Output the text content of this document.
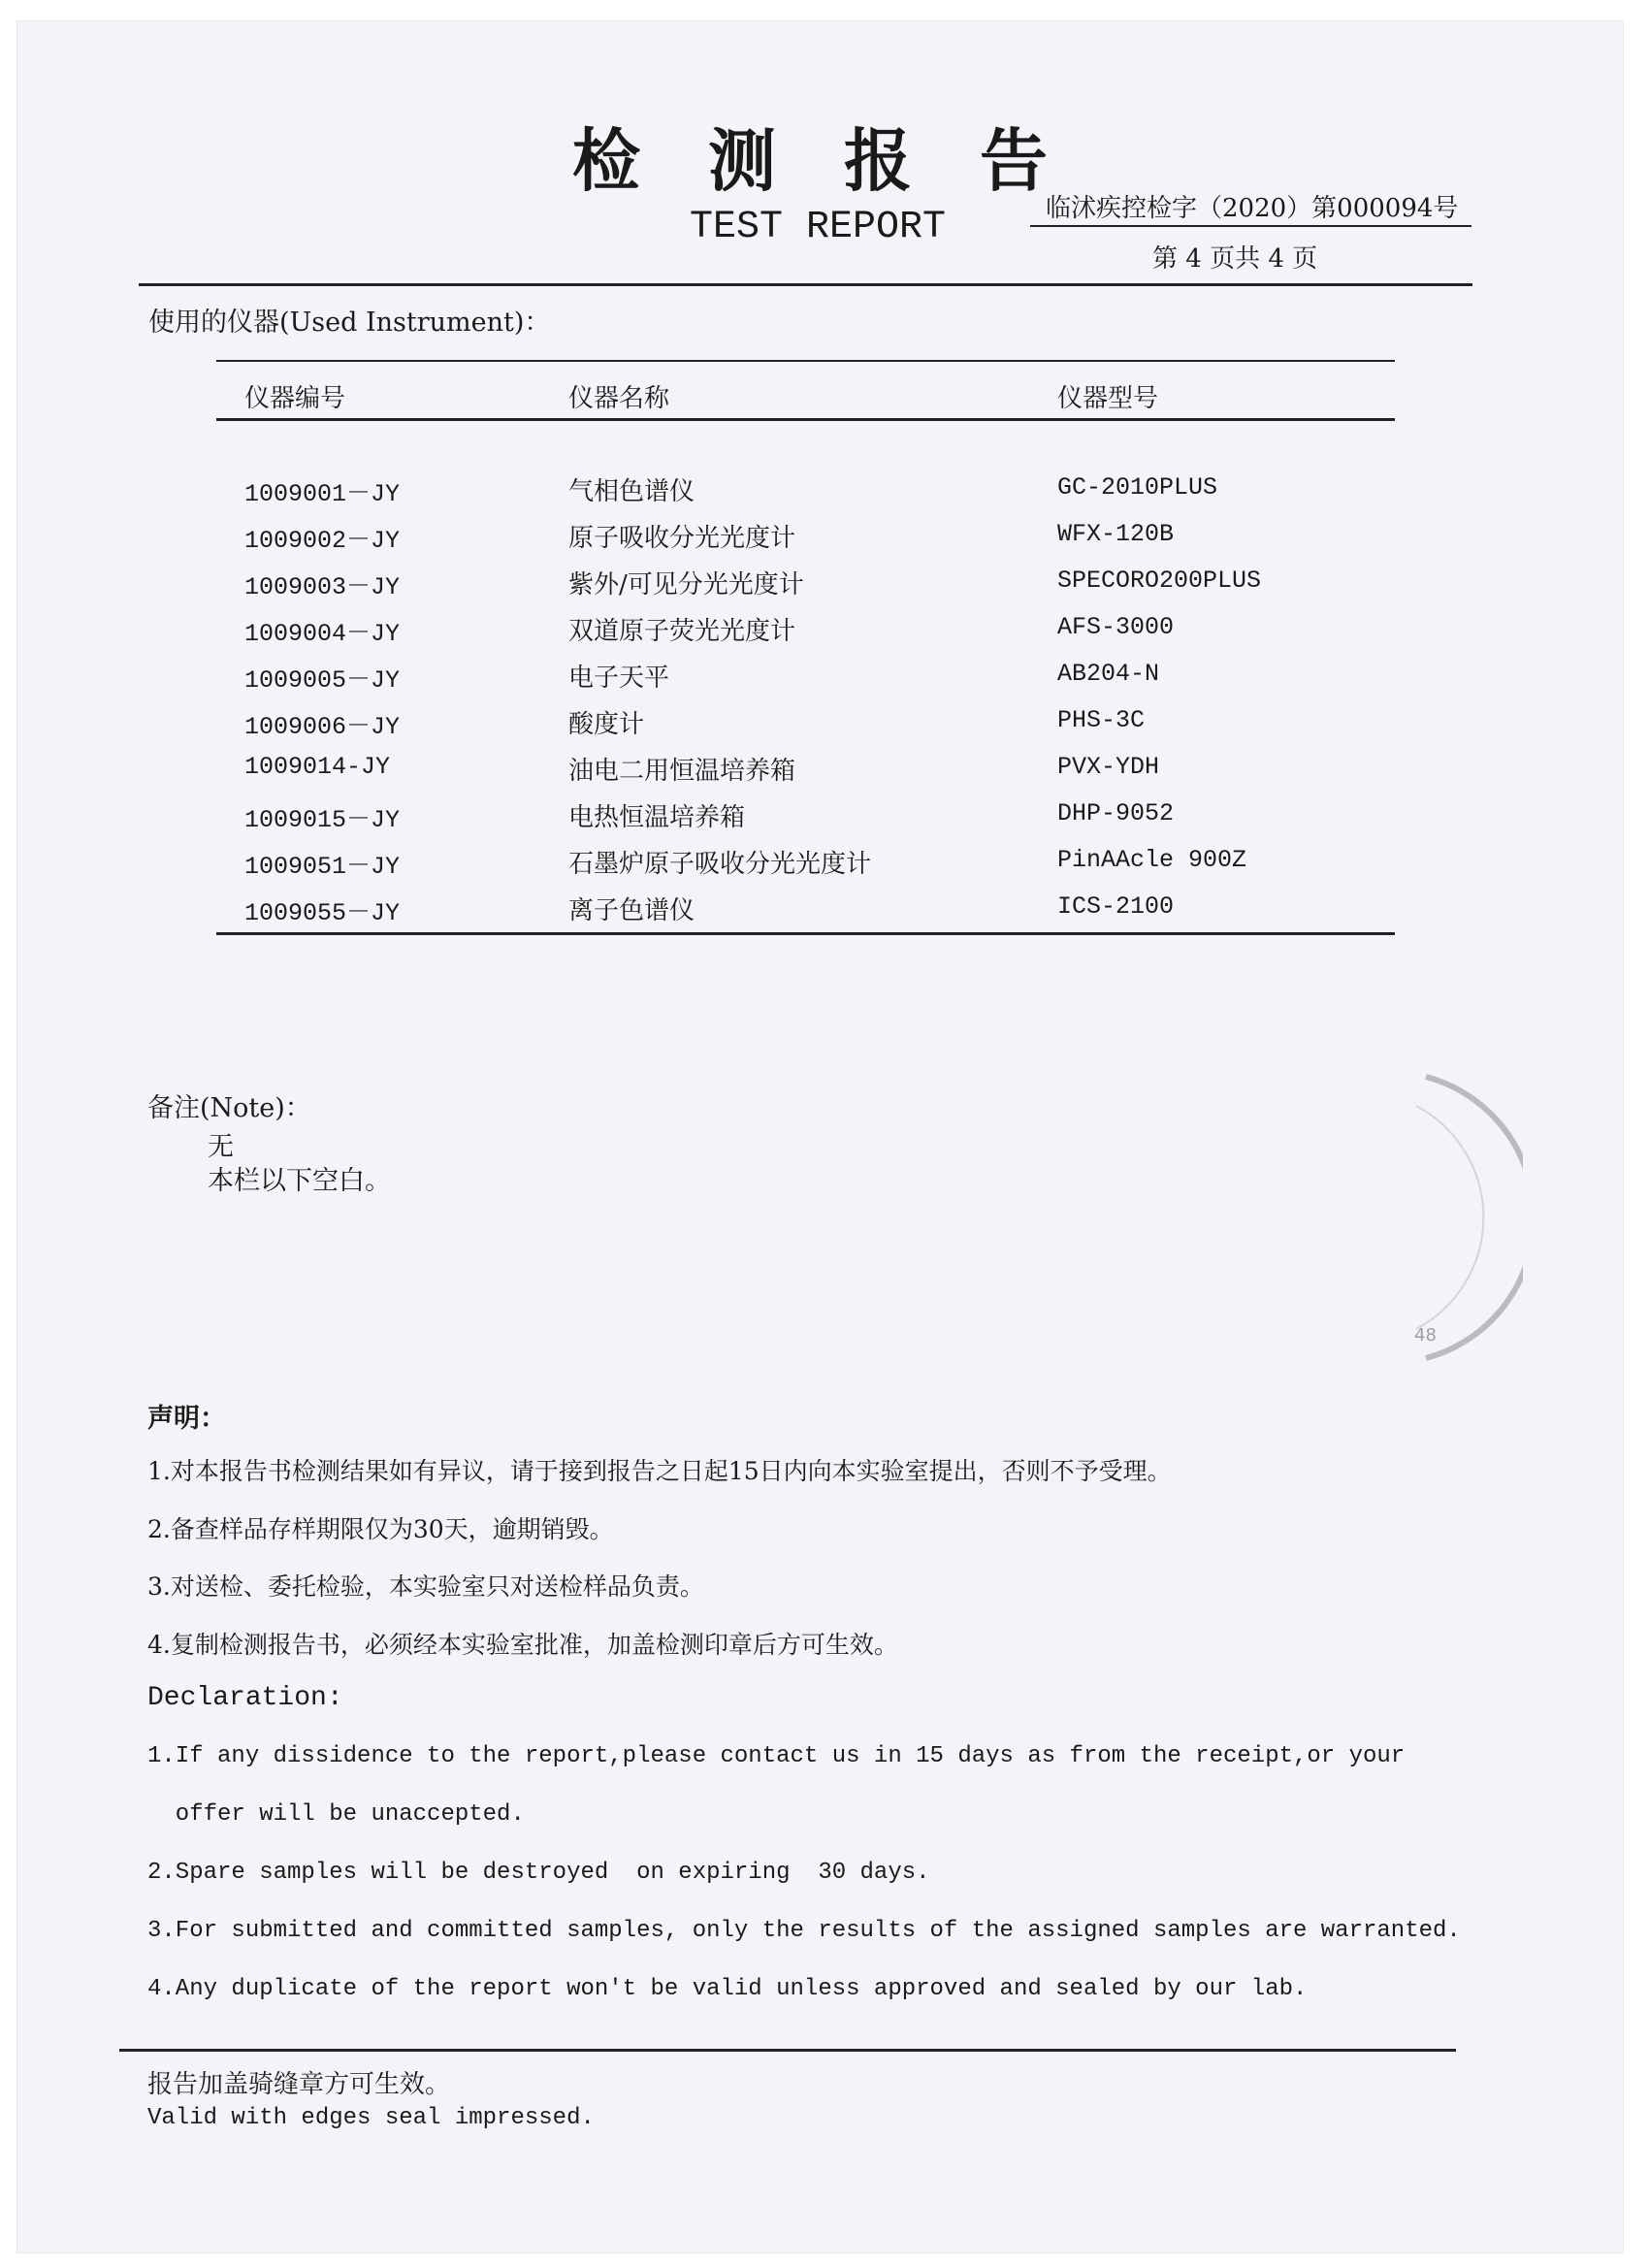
检测报告
TEST REPORT	临沭疾控检字（2020）第000094号
第 4 页共 4 页
使用的仪器(Used Instrument)：
仪器编号	仪器名称	仪器型号
1009001－JY	气相色谱仪	GC-2010PLUS
1009002－JY	原子吸收分光光度计	WFX-120B
1009003－JY	紫外/可见分光光度计	SPECORO200PLUS
1009004－JY	双道原子荧光光度计	AFS-3000
1009005－JY	电子天平	AB204-N
1009006－JY	酸度计	PHS-3C
1009014-JY	油电二用恒温培养箱	PVX-YDH
1009015－JY	电热恒温培养箱	DHP-9052
1009051－JY	石墨炉原子吸收分光光度计	PinAAcle 900Z
1009055－JY	离子色谱仪	ICS-2100
备注(Note)：
无
本栏以下空白。
48
声明：
1.对本报告书检测结果如有异议，请于接到报告之日起15日内向本实验室提出，否则不予受理。
2.备查样品存样期限仅为30天，逾期销毁。
3.对送检、委托检验，本实验室只对送检样品负责。
4.复制检测报告书，必须经本实验室批准，加盖检测印章后方可生效。
Declaration:
1.If any dissidence to the report,please contact us in 15 days as from the receipt,or your
offer will be unaccepted.
2.Spare samples will be destroyed  on expiring  30 days.
3.For submitted and committed samples, only the results of the assigned samples are warranted.
4.Any duplicate of the report won't be valid unless approved and sealed by our lab.
报告加盖骑缝章方可生效。
Valid with edges seal impressed.
